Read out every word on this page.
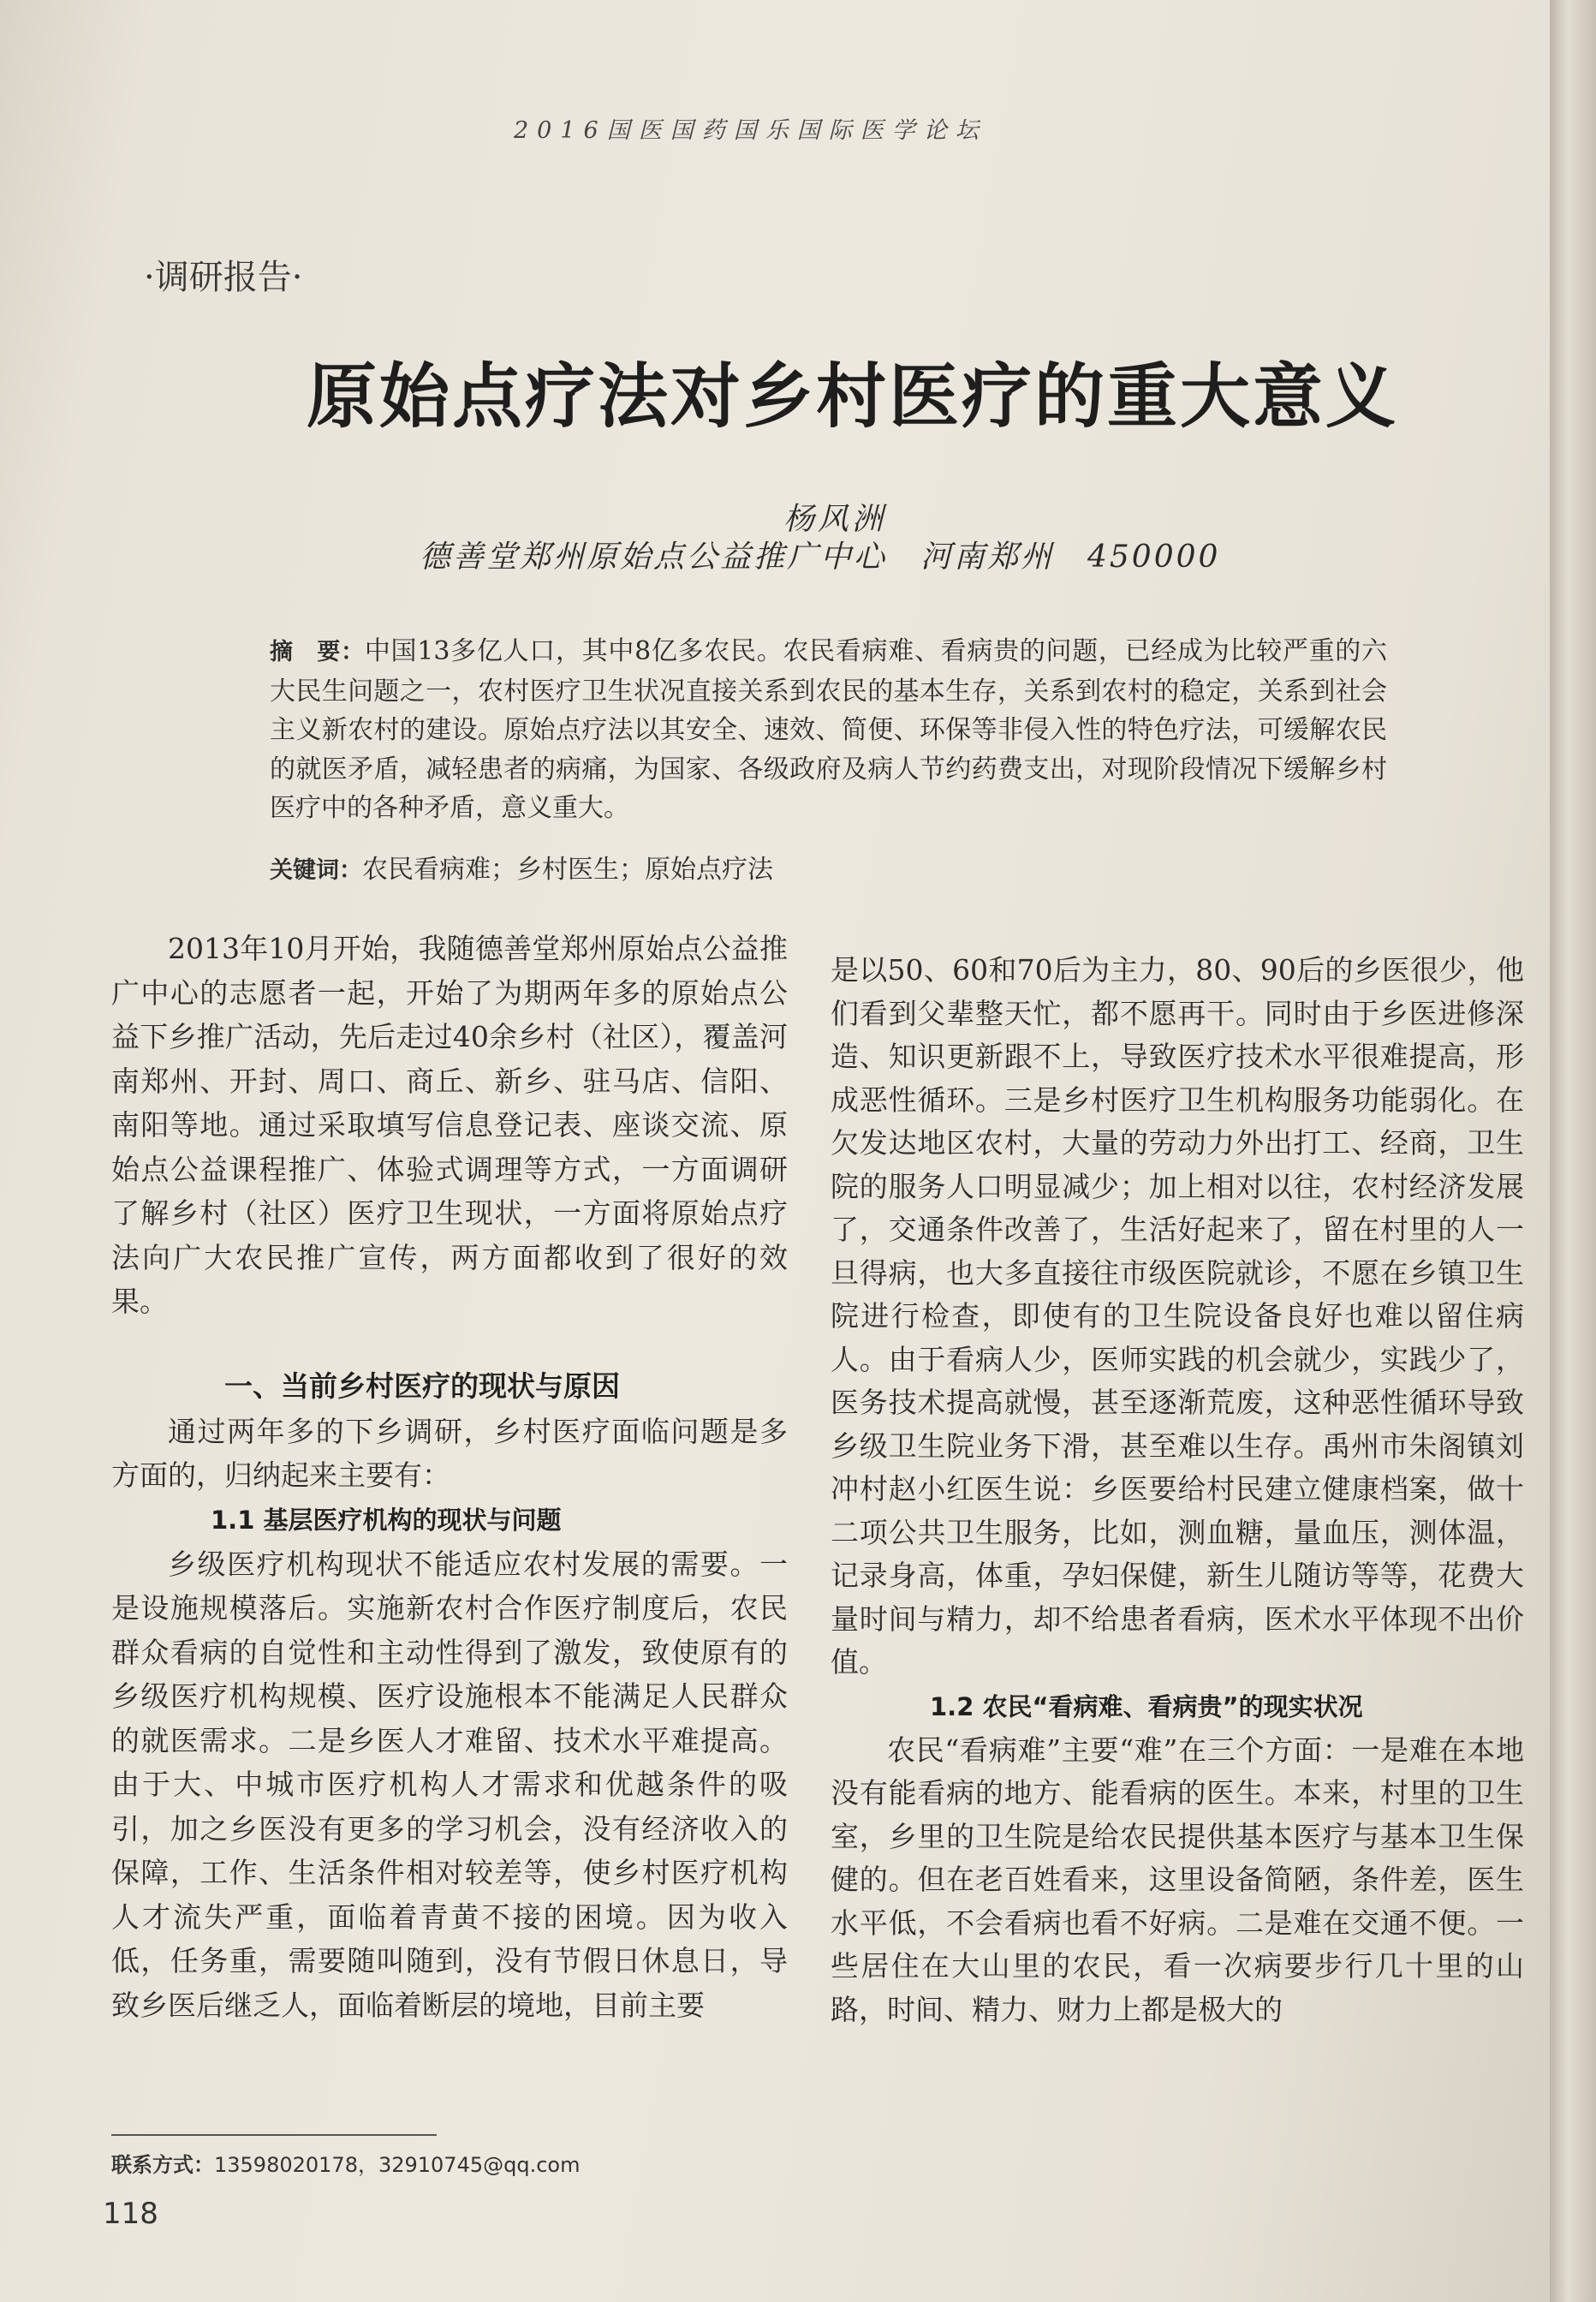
2016国医国药国乐国际医学论坛
·调研报告·
原始点疗法对乡村医疗的重大意义
杨风洲
德善堂郑州原始点公益推广中心　河南郑州　450000
摘　要：中国13多亿人口，其中8亿多农民。农民看病难、看病贵的问题，已经成为比较严重的六大民生问题之一，农村医疗卫生状况直接关系到农民的基本生存，关系到农村的稳定，关系到社会主义新农村的建设。原始点疗法以其安全、速效、简便、环保等非侵入性的特色疗法，可缓解农民的就医矛盾，减轻患者的病痛，为国家、各级政府及病人节约药费支出，对现阶段情况下缓解乡村医疗中的各种矛盾，意义重大。
关键词：农民看病难；乡村医生；原始点疗法

2013年10月开始，我随德善堂郑州原始点公益推广中心的志愿者一起，开始了为期两年多的原始点公益下乡推广活动，先后走过40余乡村（社区），覆盖河南郑州、开封、周口、商丘、新乡、驻马店、信阳、南阳等地。通过采取填写信息登记表、座谈交流、原始点公益课程推广、体验式调理等方式，一方面调研了解乡村（社区）医疗卫生现状，一方面将原始点疗法向广大农民推广宣传，两方面都收到了很好的效果。

一、当前乡村医疗的现状与原因

通过两年多的下乡调研，乡村医疗面临问题是多方面的，归纳起来主要有：

1.1 基层医疗机构的现状与问题

乡级医疗机构现状不能适应农村发展的需要。一是设施规模落后。实施新农村合作医疗制度后，农民群众看病的自觉性和主动性得到了激发，致使原有的乡级医疗机构规模、医疗设施根本不能满足人民群众的就医需求。二是乡医人才难留、技术水平难提高。由于大、中城市医疗机构人才需求和优越条件的吸引，加之乡医没有更多的学习机会，没有经济收入的保障，工作、生活条件相对较差等，使乡村医疗机构人才流失严重，面临着青黄不接的困境。因为收入低，任务重，需要随叫随到，没有节假日休息日，导致乡医后继乏人，面临着断层的境地，目前主要

是以50、60和70后为主力，80、90后的乡医很少，他们看到父辈整天忙，都不愿再干。同时由于乡医进修深造、知识更新跟不上，导致医疗技术水平很难提高，形成恶性循环。三是乡村医疗卫生机构服务功能弱化。在欠发达地区农村，大量的劳动力外出打工、经商，卫生院的服务人口明显减少；加上相对以往，农村经济发展了，交通条件改善了，生活好起来了，留在村里的人一旦得病，也大多直接往市级医院就诊，不愿在乡镇卫生院进行检查，即使有的卫生院设备良好也难以留住病人。由于看病人少，医师实践的机会就少，实践少了，医务技术提高就慢，甚至逐渐荒废，这种恶性循环导致乡级卫生院业务下滑，甚至难以生存。禹州市朱阁镇刘冲村赵小红医生说：乡医要给村民建立健康档案，做十二项公共卫生服务，比如，测血糖，量血压，测体温，记录身高，体重，孕妇保健，新生儿随访等等，花费大量时间与精力，却不给患者看病，医术水平体现不出价值。

1.2 农民“看病难、看病贵”的现实状况

农民“看病难”主要“难”在三个方面：一是难在本地没有能看病的地方、能看病的医生。本来，村里的卫生室，乡里的卫生院是给农民提供基本医疗与基本卫生保健的。但在老百姓看来，这里设备简陋，条件差，医生水平低，不会看病也看不好病。二是难在交通不便。一些居住在大山里的农民，看一次病要步行几十里的山路，时间、精力、财力上都是极大的

联系方式：13598020178，32910745@qq.com
118
